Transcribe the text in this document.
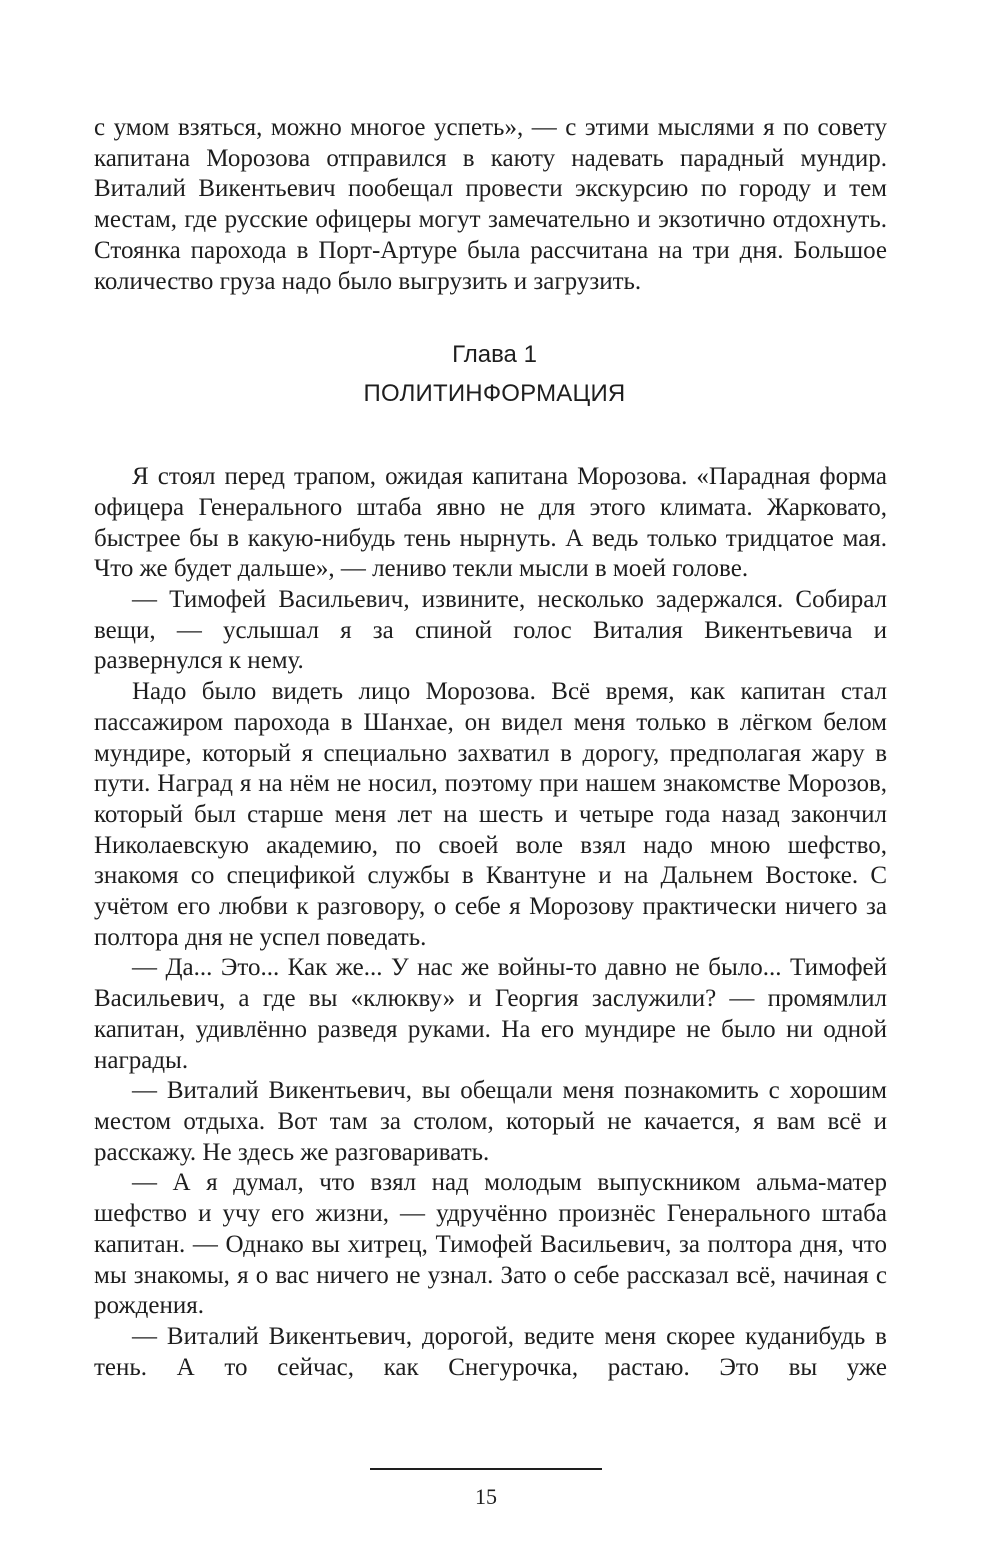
с умом взяться, можно многое успеть», — с этими мыслями я по совету капитана Морозова отправился в каюту надевать парадный мундир. Виталий Викентьевич пообещал провести экскурсию по городу и тем местам, где русские офицеры могут замечательно и экзотично отдохнуть. Стоянка парохода в Порт-Артуре была рассчитана на три дня. Большое количество груза надо было выгрузить и загрузить.

Глава 1
ПОЛИТИНФОРМАЦИЯ

Я стоял перед трапом, ожидая капитана Морозова. «Парадная форма офицера Генерального штаба явно не для этого климата. Жарковато, быстрее бы в какую-нибудь тень нырнуть. А ведь только тридцатое мая. Что же будет дальше», — лениво текли мысли в моей голове.

— Тимофей Васильевич, извините, несколько задержался. Собирал вещи, — услышал я за спиной голос Виталия Викентьевича и развернулся к нему.

Надо было видеть лицо Морозова. Всё время, как капитан стал пассажиром парохода в Шанхае, он видел меня только в лёгком белом мундире, который я специально захватил в дорогу, предполагая жару в пути. Наград я на нём не носил, поэтому при нашем знакомстве Морозов, который был старше меня лет на шесть и четыре года назад закончил Николаевскую академию, по своей воле взял надо мною шефство, знакомя со спецификой службы в Квантуне и на Дальнем Востоке. С учётом его любви к разговору, о себе я Морозову практически ничего за полтора дня не успел поведать.

— Да... Это... Как же... У нас же войны-то давно не было... Тимофей Васильевич, а где вы «клюкву» и Георгия заслужили? — промямлил капитан, удивлённо разведя руками. На его мундире не было ни одной награды.

— Виталий Викентьевич, вы обещали меня познакомить с хорошим местом отдыха. Вот там за столом, который не качается, я вам всё и расскажу. Не здесь же разговаривать.

— А я думал, что взял над молодым выпускником альма-матер шефство и учу его жизни, — удручённо произнёс Генерального штаба капитан. — Однако вы хитрец, Тимофей Васильевич, за полтора дня, что мы знакомы, я о вас ничего не узнал. Зато о себе рассказал всё, начиная с рождения.

— Виталий Викентьевич, дорогой, ведите меня скорее куданибудь в тень. А то сейчас, как Снегурочка, растаю. Это вы уже

15
